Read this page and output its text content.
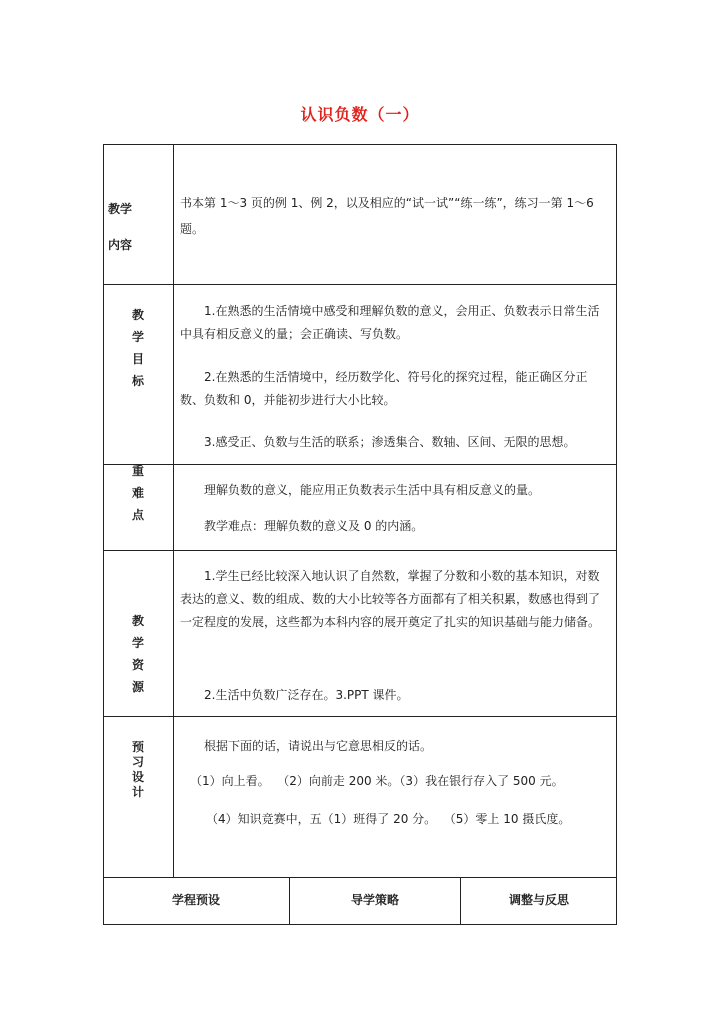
认识负数（一）
教学
内容
书本第 1～3 页的例 1、例 2，以及相应的“试一试”“练一练”，练习一第 1～6 题。
教
学
目
标
1.在熟悉的生活情境中感受和理解负数的意义，会用正、负数表示日常生活中具有相反意义的量；会正确读、写负数。
2.在熟悉的生活情境中，经历数学化、符号化的探究过程，能正确区分正数、负数和 0，并能初步进行大小比较。
3.感受正、负数与生活的联系；渗透集合、数轴、区间、无限的思想。
重
难
点
理解负数的意义，能应用正负数表示生活中具有相反意义的量。
教学难点：理解负数的意义及 0 的内涵。
教
学
资
源
1.学生已经比较深入地认识了自然数，掌握了分数和小数的基本知识，对数表达的意义、数的组成、数的大小比较等各方面都有了相关积累，数感也得到了一定程度的发展，这些都为本科内容的展开奠定了扎实的知识基础与能力储备。
2.生活中负数广泛存在。3.PPT 课件。
预
习
设
计
根据下面的话，请说出与它意思相反的话。
（1）向上看。  （2）向前走 200 米。（3）我在银行存入了 500 元。
（4）知识竞赛中，五（1）班得了 20 分。  （5）零上 10 摄氏度。
学程预设	导学策略	调整与反思
